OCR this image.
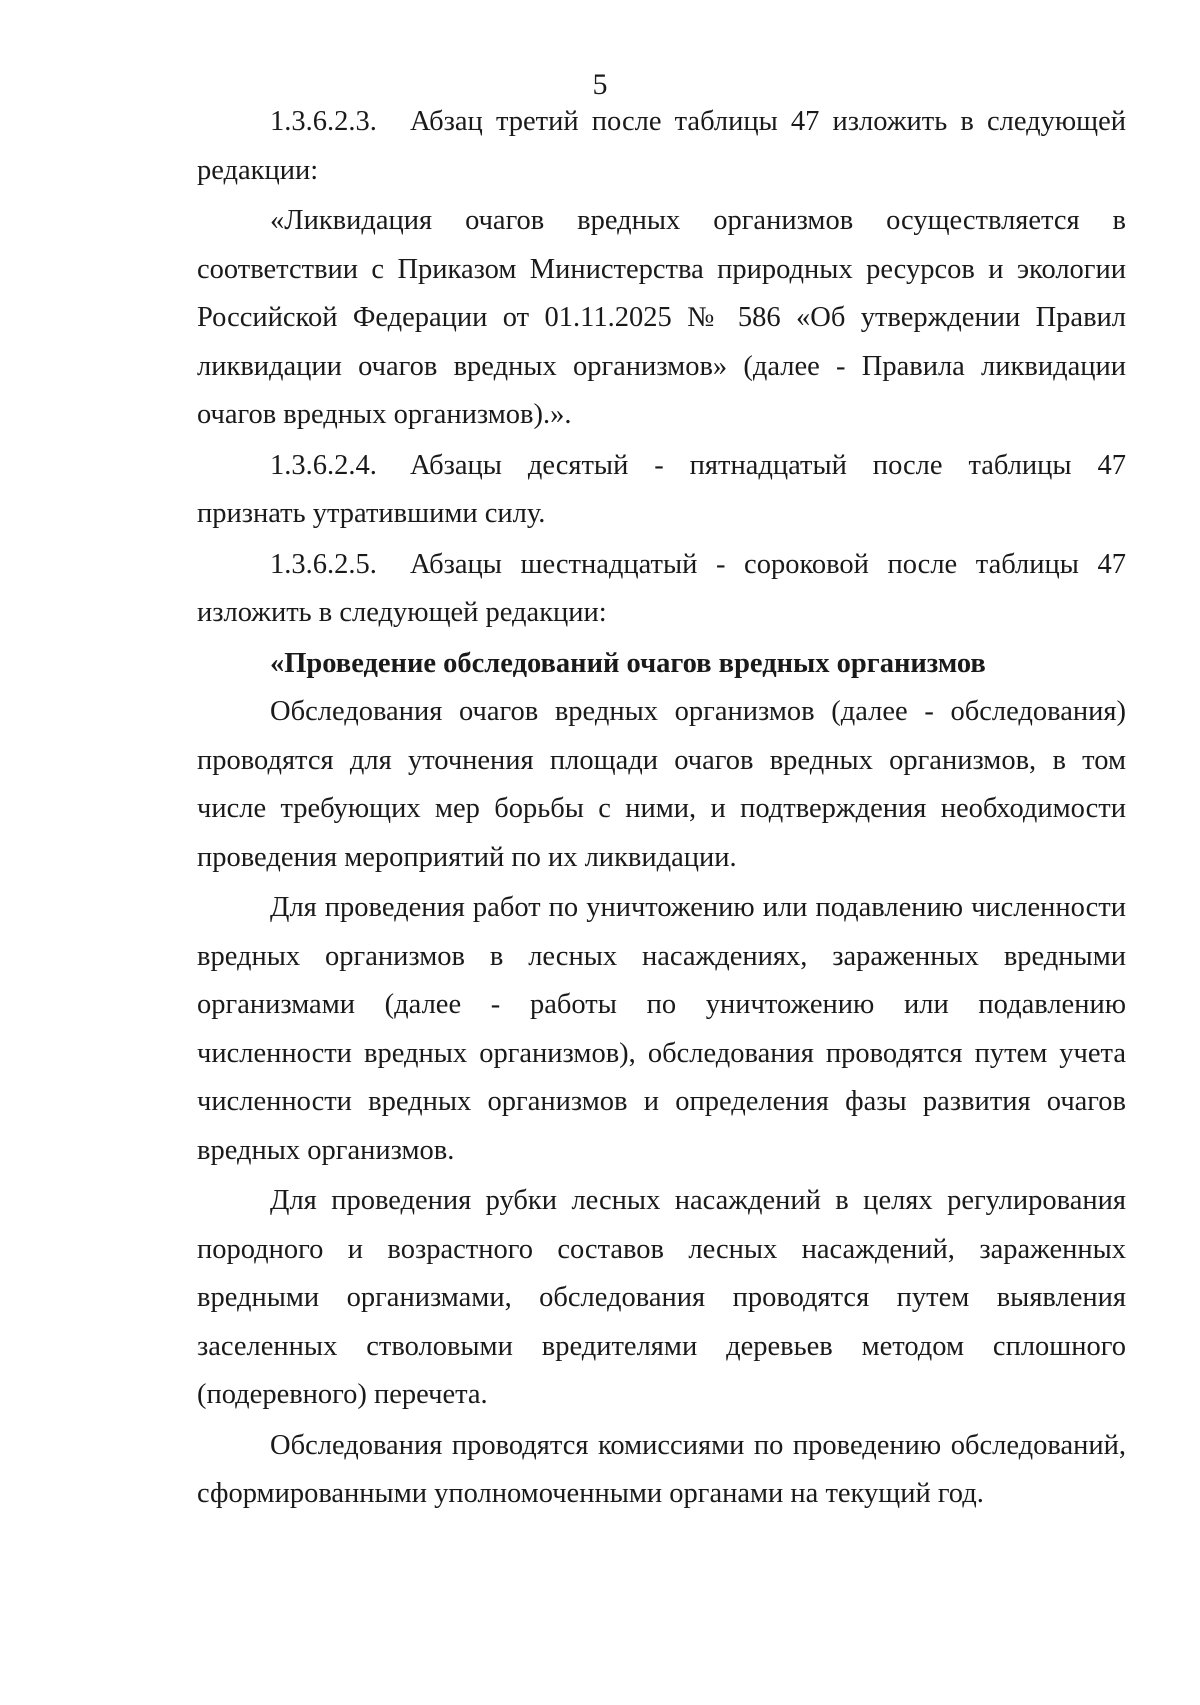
5

1.3.6.2.3. Абзац третий после таблицы 47 изложить в следующей редакции:

«Ликвидация очагов вредных организмов осуществляется в соответствии с Приказом Министерства природных ресурсов и экологии Российской Федерации от 01.11.2025 № 586 «Об утверждении Правил ликвидации очагов вредных организмов» (далее - Правила ликвидации очагов вредных организмов).».

1.3.6.2.4. Абзацы десятый - пятнадцатый после таблицы 47 признать утратившими силу.

1.3.6.2.5. Абзацы шестнадцатый - сороковой после таблицы 47 изложить в следующей редакции:

«Проведение обследований очагов вредных организмов

Обследования очагов вредных организмов (далее - обследования) проводятся для уточнения площади очагов вредных организмов, в том числе требующих мер борьбы с ними, и подтверждения необходимости проведения мероприятий по их ликвидации.

Для проведения работ по уничтожению или подавлению численности вредных организмов в лесных насаждениях, зараженных вредными организмами (далее - работы по уничтожению или подавлению численности вредных организмов), обследования проводятся путем учета численности вредных организмов и определения фазы развития очагов вредных организмов.

Для проведения рубки лесных насаждений в целях регулирования породного и возрастного составов лесных насаждений, зараженных вредными организмами, обследования проводятся путем выявления заселенных стволовыми вредителями деревьев методом сплошного (подеревного) перечета.

Обследования проводятся комиссиями по проведению обследований, сформированными уполномоченными органами на текущий год.
